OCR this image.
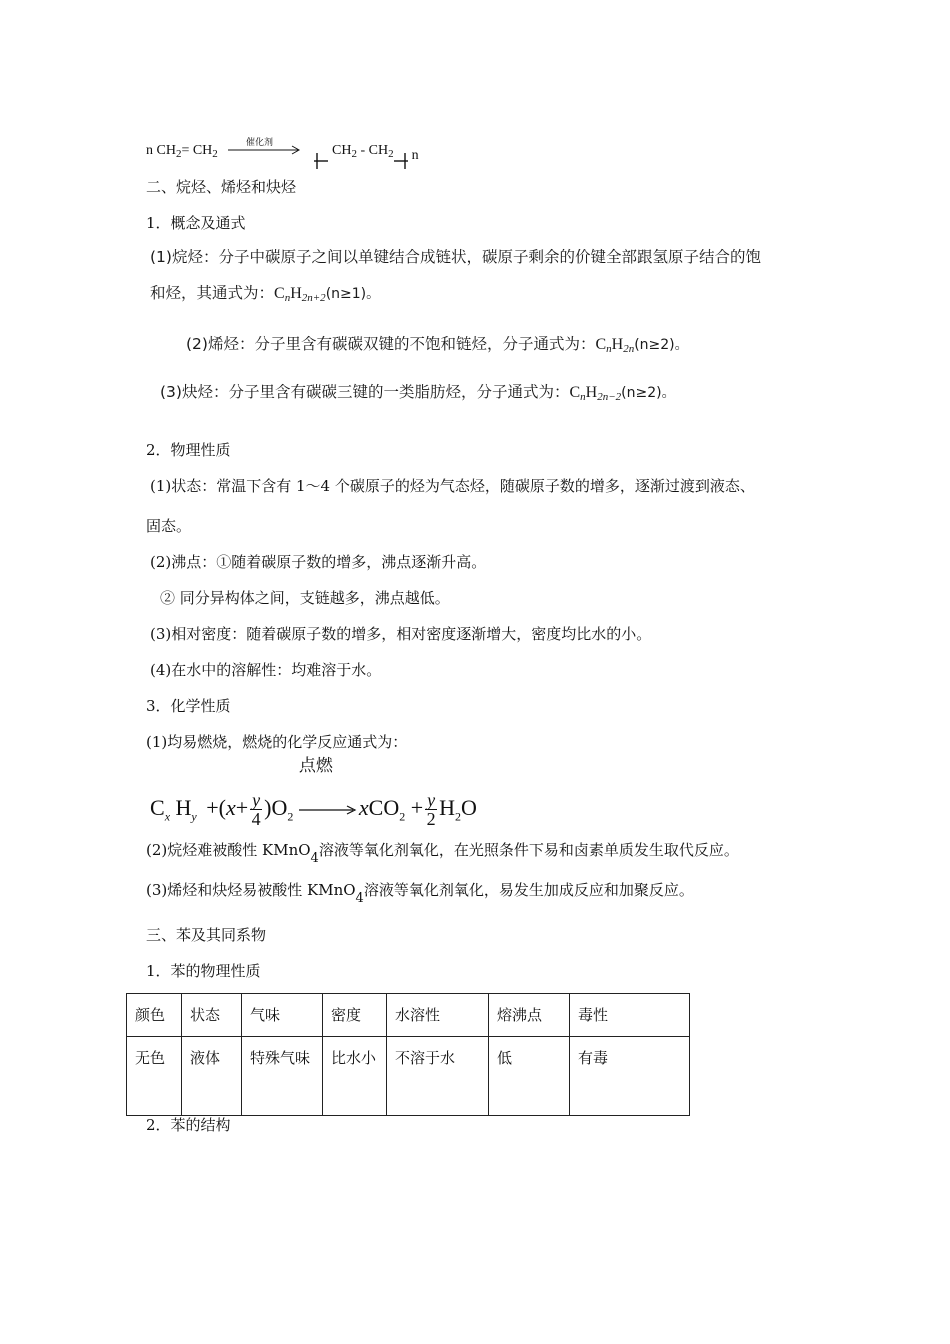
n $CH_2= CH_2$
催化剂	$CH_2 - CH_2$ n
二、烷烃、烯烃和炔烃
1．概念及通式
(1)烷烃：分子中碳原子之间以单键结合成链状，碳原子剩余的价键全部跟氢原子结合的饱
和烃，其通式为：$C_nH_{2n+2}(n\ge 1)$。
(2)烯烃：分子里含有碳碳双键的不饱和链烃，分子通式为：$C_nH_{2n}(n\ge 2)$。
(3)炔烃：分子里含有碳碳三键的一类脂肪烃，分子通式为：$C_nH_{2n-2}(n\ge 2)$。
2．物理性质
(1)状态：常温下含有 1～4 个碳原子的烃为气态烃，随碳原子数的增多，逐渐过渡到液态、
固态。
(2)沸点：①随着碳原子数的增多，沸点逐渐升高。
② 同分异构体之间，支链越多，沸点越低。
(3)相对密度：随着碳原子数的增多，相对密度逐渐增大，密度均比水的小。
(4)在水中的溶解性：均难溶于水。
3．化学性质
(1)均易燃烧，燃烧的化学反应通式为：
$C_x$ $H_y +(x+ \frac{y}{4} )O_2$
点燃
$xCO_2 + \frac{y}{2} H_2O$
(2)烷烃难被酸性 KMnO4溶液等氧化剂氧化，在光照条件下易和卤素单质发生取代反应。
(3)烯烃和炔烃易被酸性 KMnO4溶液等氧化剂氧化，易发生加成反应和加聚反应。
三、苯及其同系物
1．苯的物理性质
颜色	状态	气味	密度	水溶性	熔沸点	毒性
无色	液体	特殊气味	比水小	不溶于水	低	有毒
2．苯的结构
